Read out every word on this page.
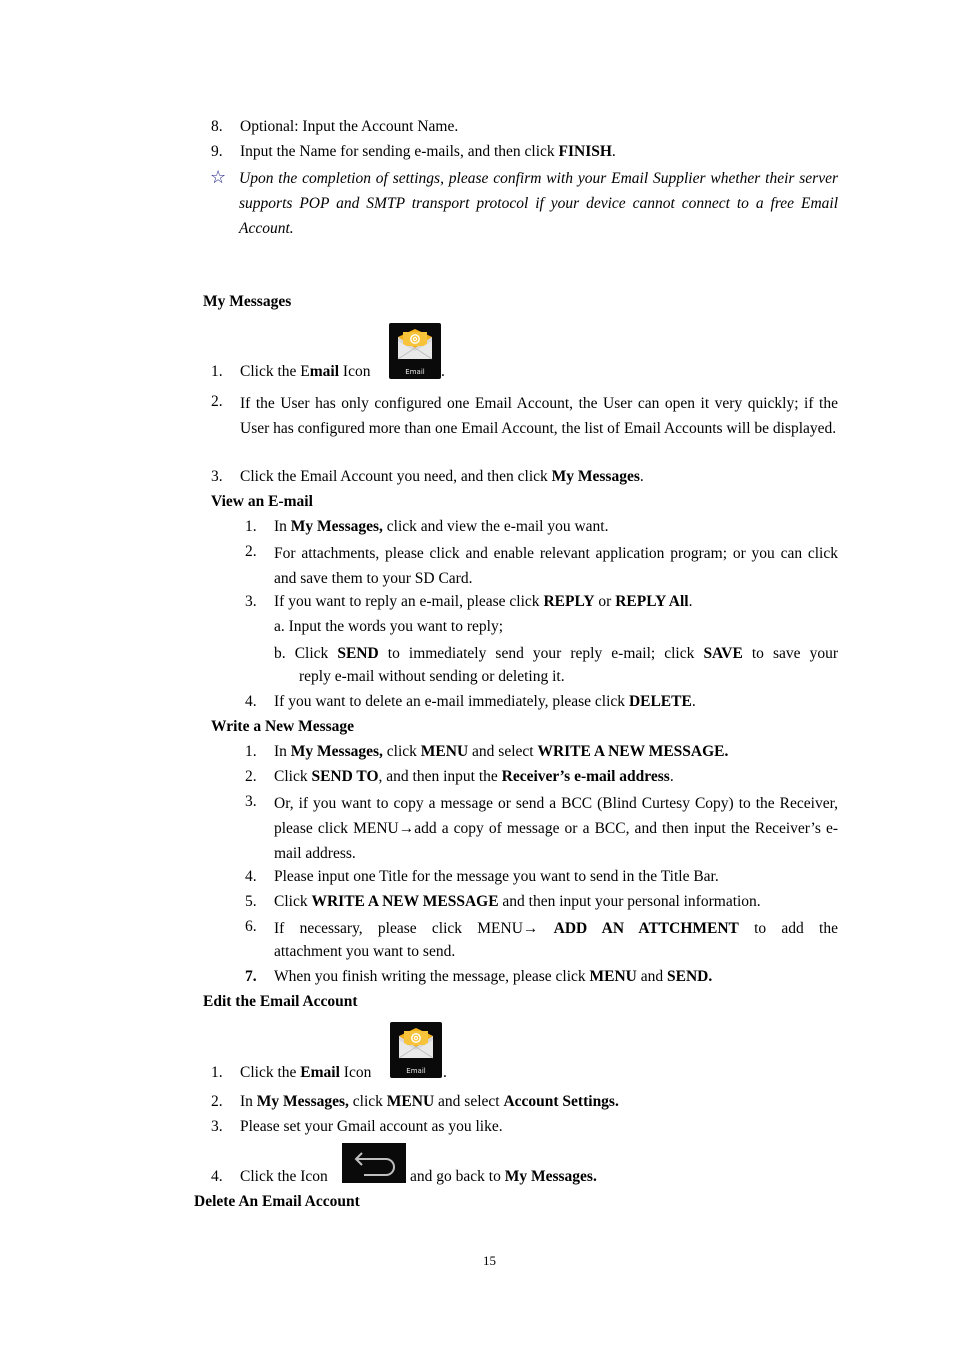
8. Optional: Input the Account Name.
9. Input the Name for sending e-mails, and then click FINISH.
☆ Upon the completion of settings, please confirm with your Email Supplier whether their server supports POP and SMTP transport protocol if your device cannot connect to a free Email Account.
My Messages
1. Click the Email Icon	Email	.
2. If the User has only configured one Email Account, the User can open it very quickly; if the User has configured more than one Email Account, the list of Email Accounts will be displayed.
3. Click the Email Account you need, and then click My Messages.
View an E-mail
1. In My Messages, click and view the e-mail you want.
2. For attachments, please click and enable relevant application program; or you can click and save them to your SD Card.
3. If you want to reply an e-mail, please click REPLY or REPLY All.
a. Input the words you want to reply;
b. Click SEND to immediately send your reply e-mail; click SAVE to save your
reply e-mail without sending or deleting it.
4. If you want to delete an e-mail immediately, please click DELETE.
Write a New Message
1. In My Messages, click MENU and select WRITE A NEW MESSAGE.
2. Click SEND TO, and then input the Receiver’s e-mail address.
3. Or, if you want to copy a message or send a BCC (Blind Curtesy Copy) to the Receiver, please click MENU→add a copy of message or a BCC, and then input the Receiver’s e-mail address.
4. Please input one Title for the message you want to send in the Title Bar.
5. Click WRITE A NEW MESSAGE and then input your personal information.
6. If necessary, please click MENU→ ADD AN ATTCHMENT to add the
attachment you want to send.
7. When you finish writing the message, please click MENU and SEND.
Edit the Email Account
1. Click the Email Icon	Email	.
2. In My Messages, click MENU and select Account Settings.
3. Please set your Gmail account as you like.
4. Click the Icon	and go back to My Messages.
Delete An Email Account
15
